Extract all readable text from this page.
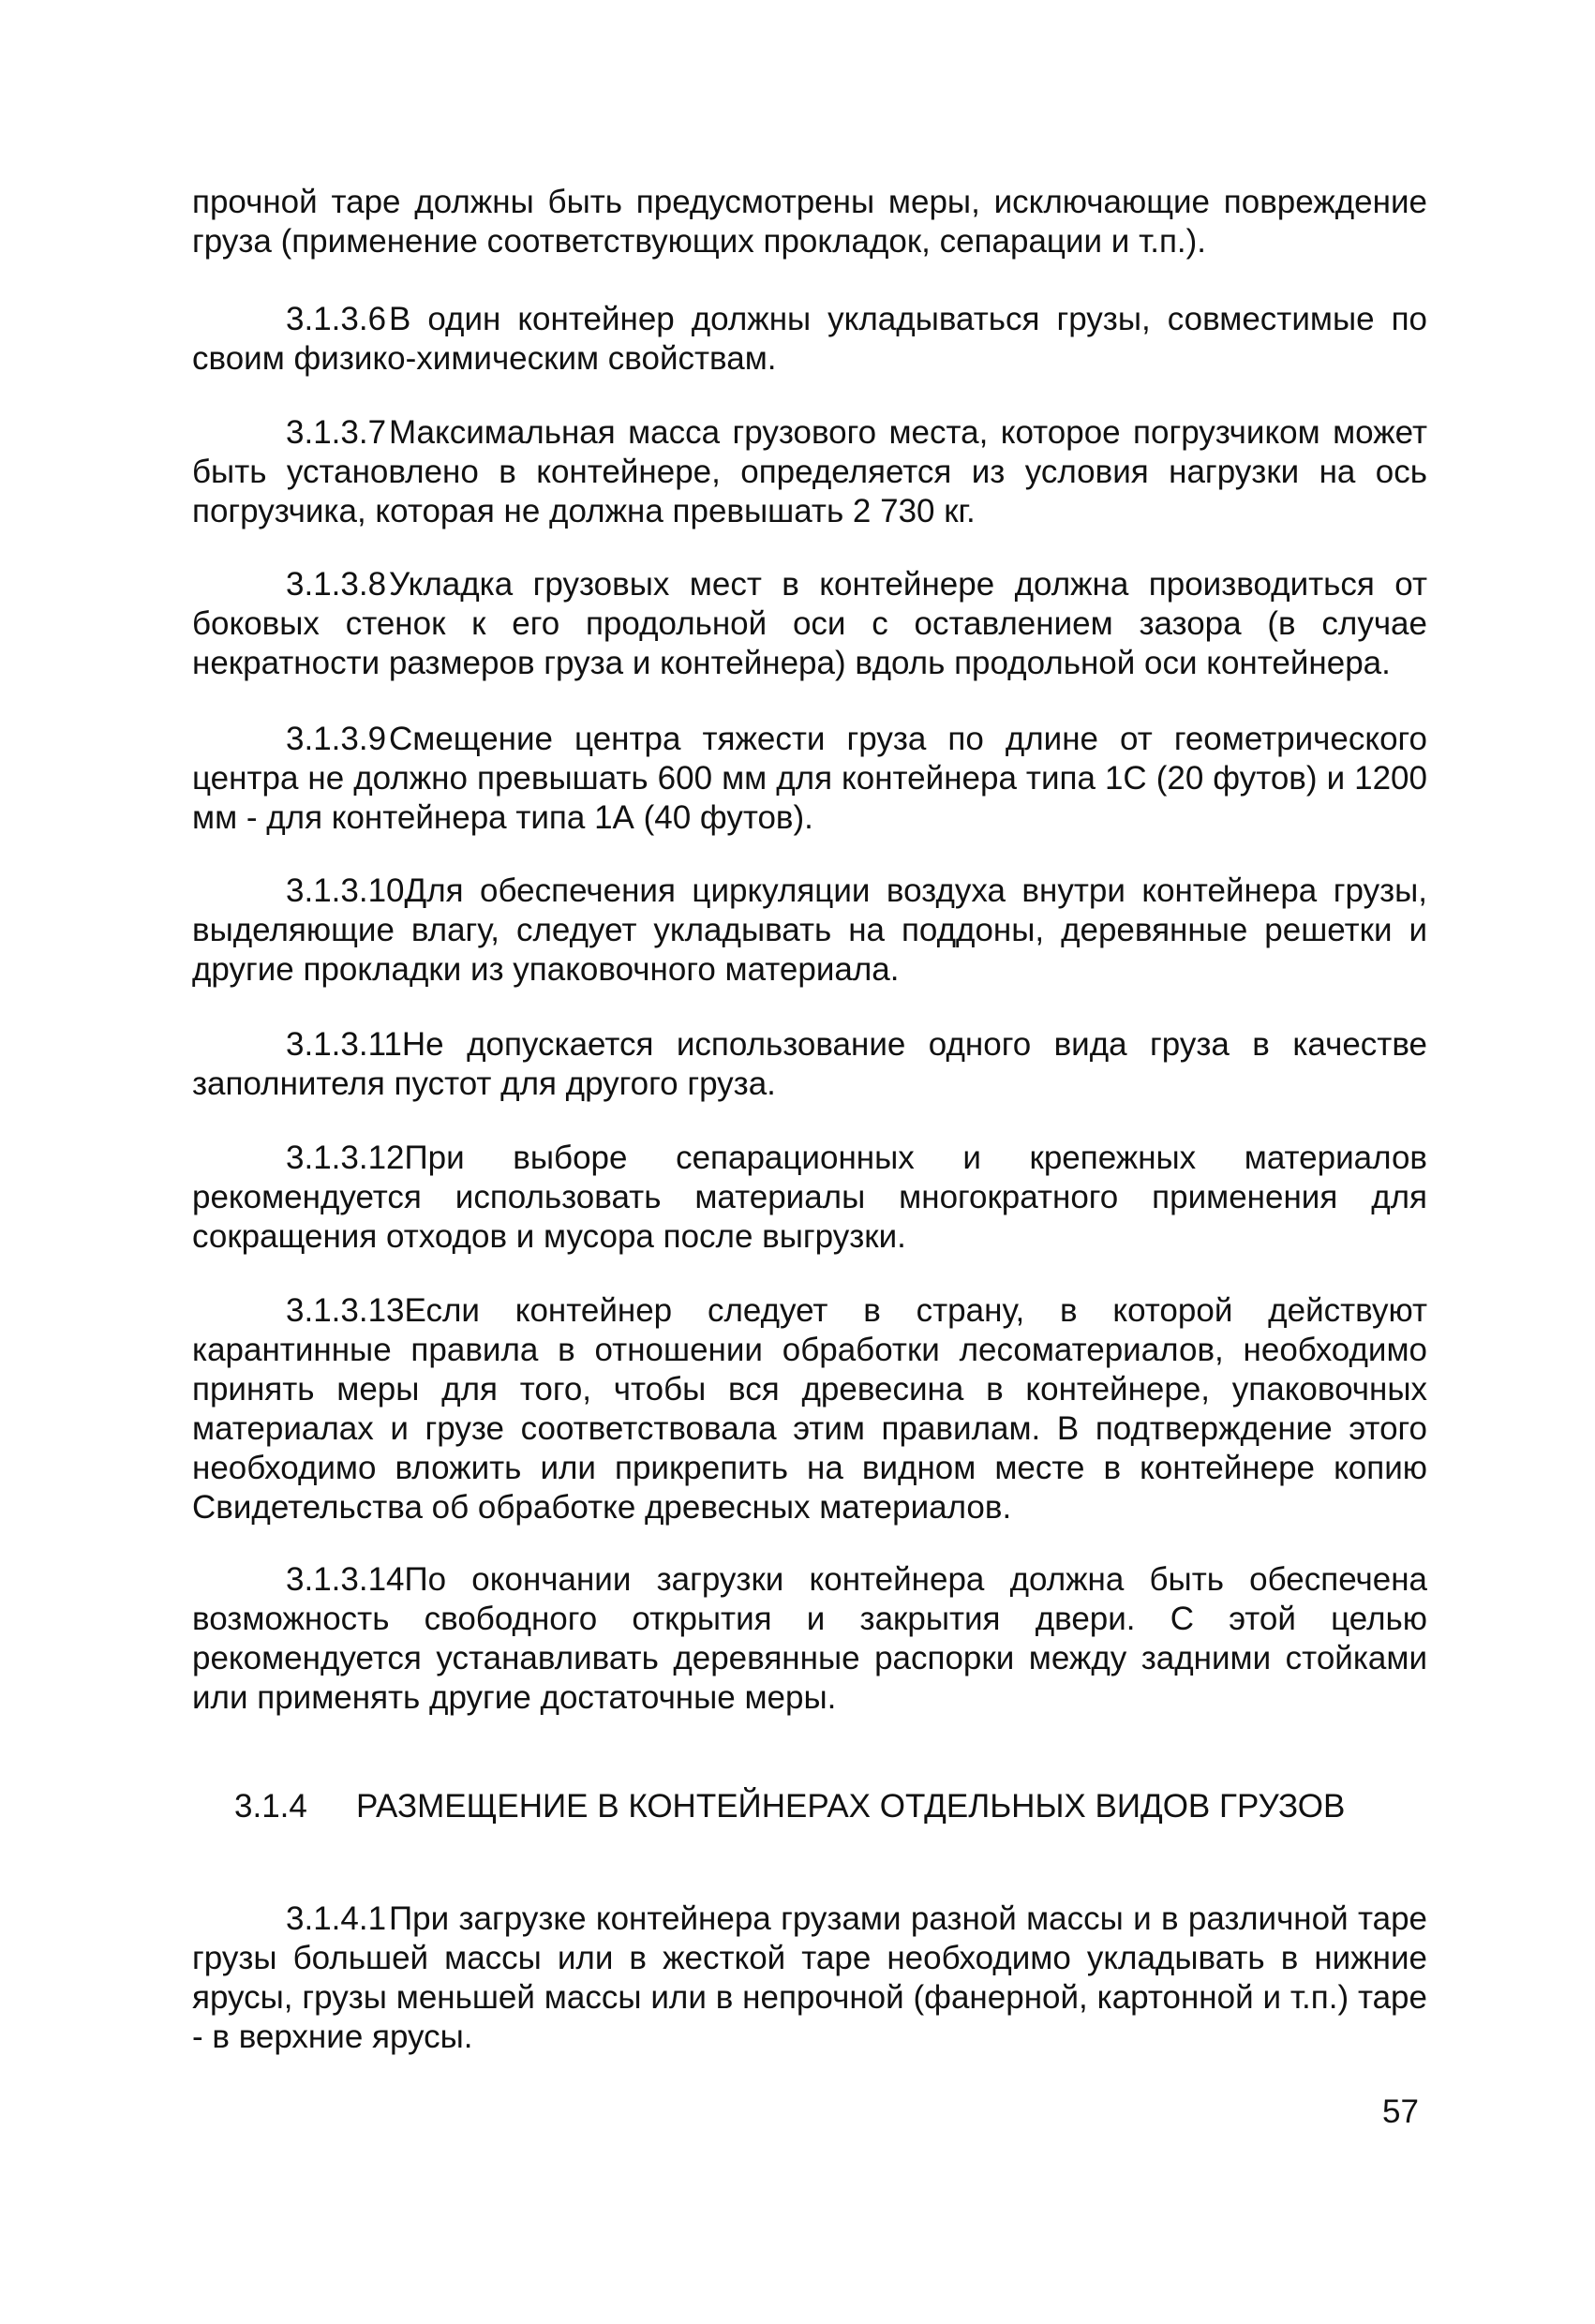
прочной таре должны быть предусмотрены меры, исключающие повреждение груза (применение соответствующих прокладок, сепарации и т.п.).

3.1.3.6В один контейнер должны укладываться грузы, совместимые по своим физико-химическим свойствам.

3.1.3.7Максимальная масса грузового места, которое погрузчиком может быть установлено в контейнере, определяется из условия нагрузки на ось погрузчика, которая не должна превышать 2 730 кг.

3.1.3.8Укладка грузовых мест в контейнере должна производиться от боковых стенок к его продольной оси с оставлением зазора (в случае некратности размеров груза и контейнера) вдоль продольной оси контейнера.

3.1.3.9Смещение центра тяжести груза по длине от геометрического центра не должно превышать 600 мм для контейнера типа 1С (20 футов) и 1200 мм - для контейнера типа 1А (40 футов).

3.1.3.10Для обеспечения циркуляции воздуха внутри контейнера грузы, выделяющие влагу, следует укладывать на поддоны, деревянные решетки и другие прокладки из упаковочного материала.

3.1.3.11Не допускается использование одного вида груза в качестве заполнителя пустот для другого груза.

3.1.3.12При выборе сепарационных и крепежных материалов рекомендуется использовать материалы многократного применения для сокращения отходов и мусора после выгрузки.

3.1.3.13Если контейнер следует в страну, в которой действуют карантинные правила в отношении обработки лесоматериалов, необходимо принять меры для того, чтобы вся древесина в контейнере, упаковочных материалах и грузе соответствовала этим правилам. В подтверждение этого необходимо вложить или прикрепить на видном месте в контейнере копию Свидетельства об обработке древесных материалов.

3.1.3.14По окончании загрузки контейнера должна быть обеспечена возможность свободного открытия и закрытия двери. С этой целью рекомендуется устанавливать деревянные распорки между задними стойками или применять другие достаточные меры.

3.1.4 РАЗМЕЩЕНИЕ В КОНТЕЙНЕРАХ ОТДЕЛЬНЫХ ВИДОВ ГРУЗОВ

3.1.4.1При загрузке контейнера грузами разной массы и в различной таре грузы большей массы или в жесткой таре необходимо укладывать в нижние ярусы, грузы меньшей массы или в непрочной (фанерной, картонной и т.п.) таре - в верхние ярусы.

57
